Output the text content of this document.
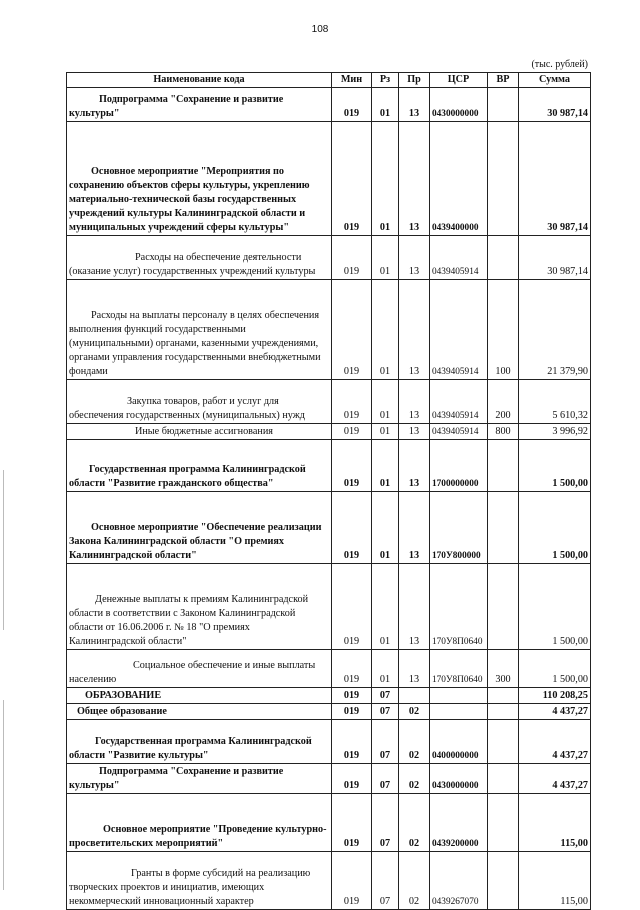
108
(тыс. рублей)
Наименование кода	Мин	Рз	Пр	ЦСР	ВР	Сумма
Подпрограмма "Сохранение и развитие культуры"	019	01	13	0430000000		30 987,14
Основное мероприятие "Мероприятия по сохранению объектов сферы культуры, укреплению материально-технической базы государственных учреждений культуры Калининградской области и муниципальных учреждений сферы культуры"	019	01	13	0439400000		30 987,14
Расходы на обеспечение деятельности (оказание услуг) государственных учреждений культуры	019	01	13	0439405914		30 987,14
Расходы на выплаты персоналу в целях обеспечения выполнения функций государственными (муниципальными) органами, казенными учреждениями, органами управления государственными внебюджетными фондами	019	01	13	0439405914	100	21 379,90
Закупка товаров, работ и услуг для обеспечения государственных (муниципальных) нужд	019	01	13	0439405914	200	5 610,32
Иные бюджетные ассигнования	019	01	13	0439405914	800	3 996,92
Государственная программа Калининградской области "Развитие гражданского общества"	019	01	13	1700000000		1 500,00
Основное мероприятие "Обеспечение реализации Закона Калининградской области "О премиях Калининградской области"	019	01	13	170У800000		1 500,00
Денежные выплаты к премиям Калининградской области в соответствии с Законом Калининградской области от 16.06.2006 г. № 18 "О премиях Калининградской области"	019	01	13	170У8П0640		1 500,00
Социальное обеспечение и иные выплаты населению	019	01	13	170У8П0640	300	1 500,00
ОБРАЗОВАНИЕ	019	07				110 208,25
Общее образование	019	07	02			4 437,27
Государственная программа Калининградской области "Развитие культуры"	019	07	02	0400000000		4 437,27
Подпрограмма "Сохранение и развитие культуры"	019	07	02	0430000000		4 437,27
Основное мероприятие "Проведение культурно-просветительских мероприятий"	019	07	02	0439200000		115,00
Гранты в форме субсидий на реализацию творческих проектов и инициатив, имеющих некоммерческий инновационный характер	019	07	02	0439267070		115,00
